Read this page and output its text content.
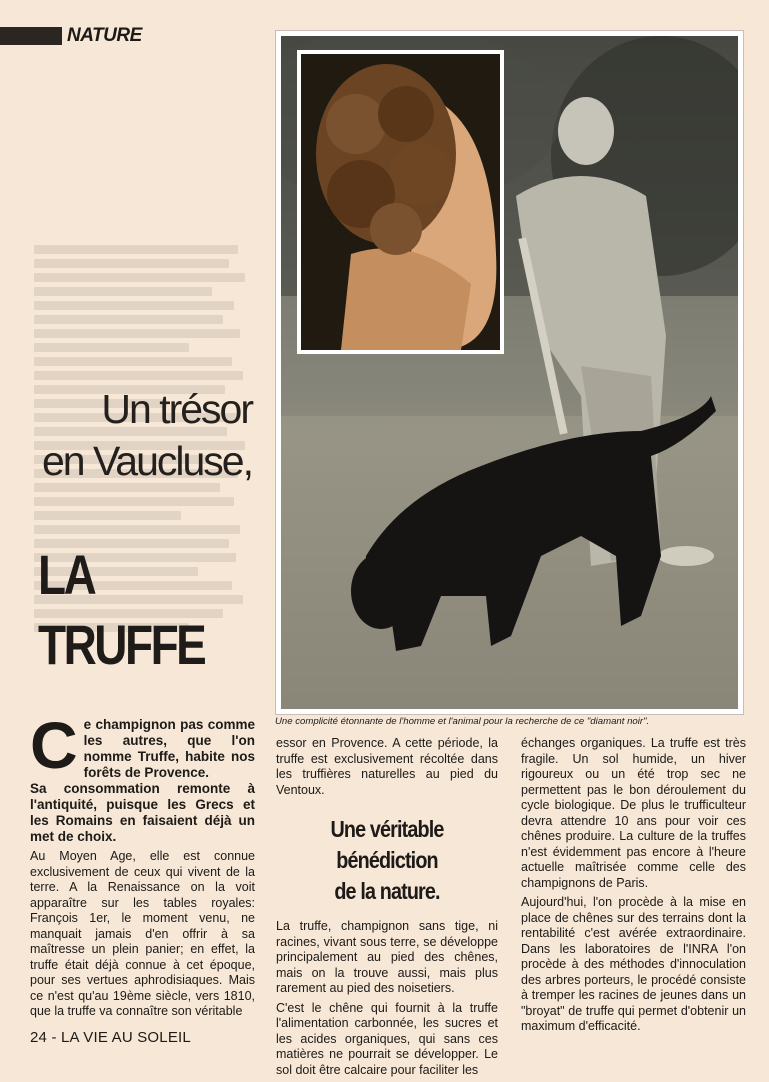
NATURE
Un trésor
en Vaucluse,
LA TRUFFE
Une complicité étonnante de l'homme et l'animal pour la recherche de ce "diamant noir".
C e champignon pas comme les autres, que l'on nomme Truffe, habite nos forêts de Provence.

Sa consommation remonte à l'antiquité, puisque les Grecs et les Romains en faisaient déjà un met de choix.

Au Moyen Age, elle est connue exclusivement de ceux qui vivent de la terre. A la Renaissance on la voit apparaître sur les tables royales: François 1er, le moment venu, ne manquait jamais d'en offrir à sa maîtresse un plein panier; en effet, la truffe était déjà connue à cet époque, pour ses vertues aphrodisiaques. Mais ce n'est qu'au 19ème siècle, vers 1810, que la truffe va connaître son véritable

essor en Provence. A cette période, la truffe est exclusivement récoltée dans les truffières naturelles au pied du Ventoux.

Une véritable bénédiction
de la nature.

La truffe, champignon sans tige, ni racines, vivant sous terre, se développe principalement au pied des chênes, mais on la trouve aussi, mais plus rarement au pied des noisetiers.

C'est le chêne qui fournit à la truffe l'alimentation carbonnée, les sucres et les acides organiques, qui sans ces matières ne pourrait se développer. Le sol doit être calcaire pour faciliter les

échanges organiques. La truffe est très fragile. Un sol humide, un hiver rigoureux ou un été trop sec ne permettent pas le bon déroulement du cycle biologique. De plus le trufficulteur devra attendre 10 ans pour voir ces chênes produire. La culture de la truffes n'est évidemment pas encore à l'heure actuelle maîtrisée comme celle des champignons de Paris.

Aujourd'hui, l'on procède à la mise en place de chênes sur des terrains dont la rentabilité c'est avérée extraordinaire. Dans les laboratoires de l'INRA l'on procède à des méthodes d'innoculation des arbres porteurs, le procédé consiste à tremper les racines de jeunes dans un "broyat" de truffe qui permet d'obtenir un maximum d'efficacité.

24 - LA VIE AU SOLEIL
